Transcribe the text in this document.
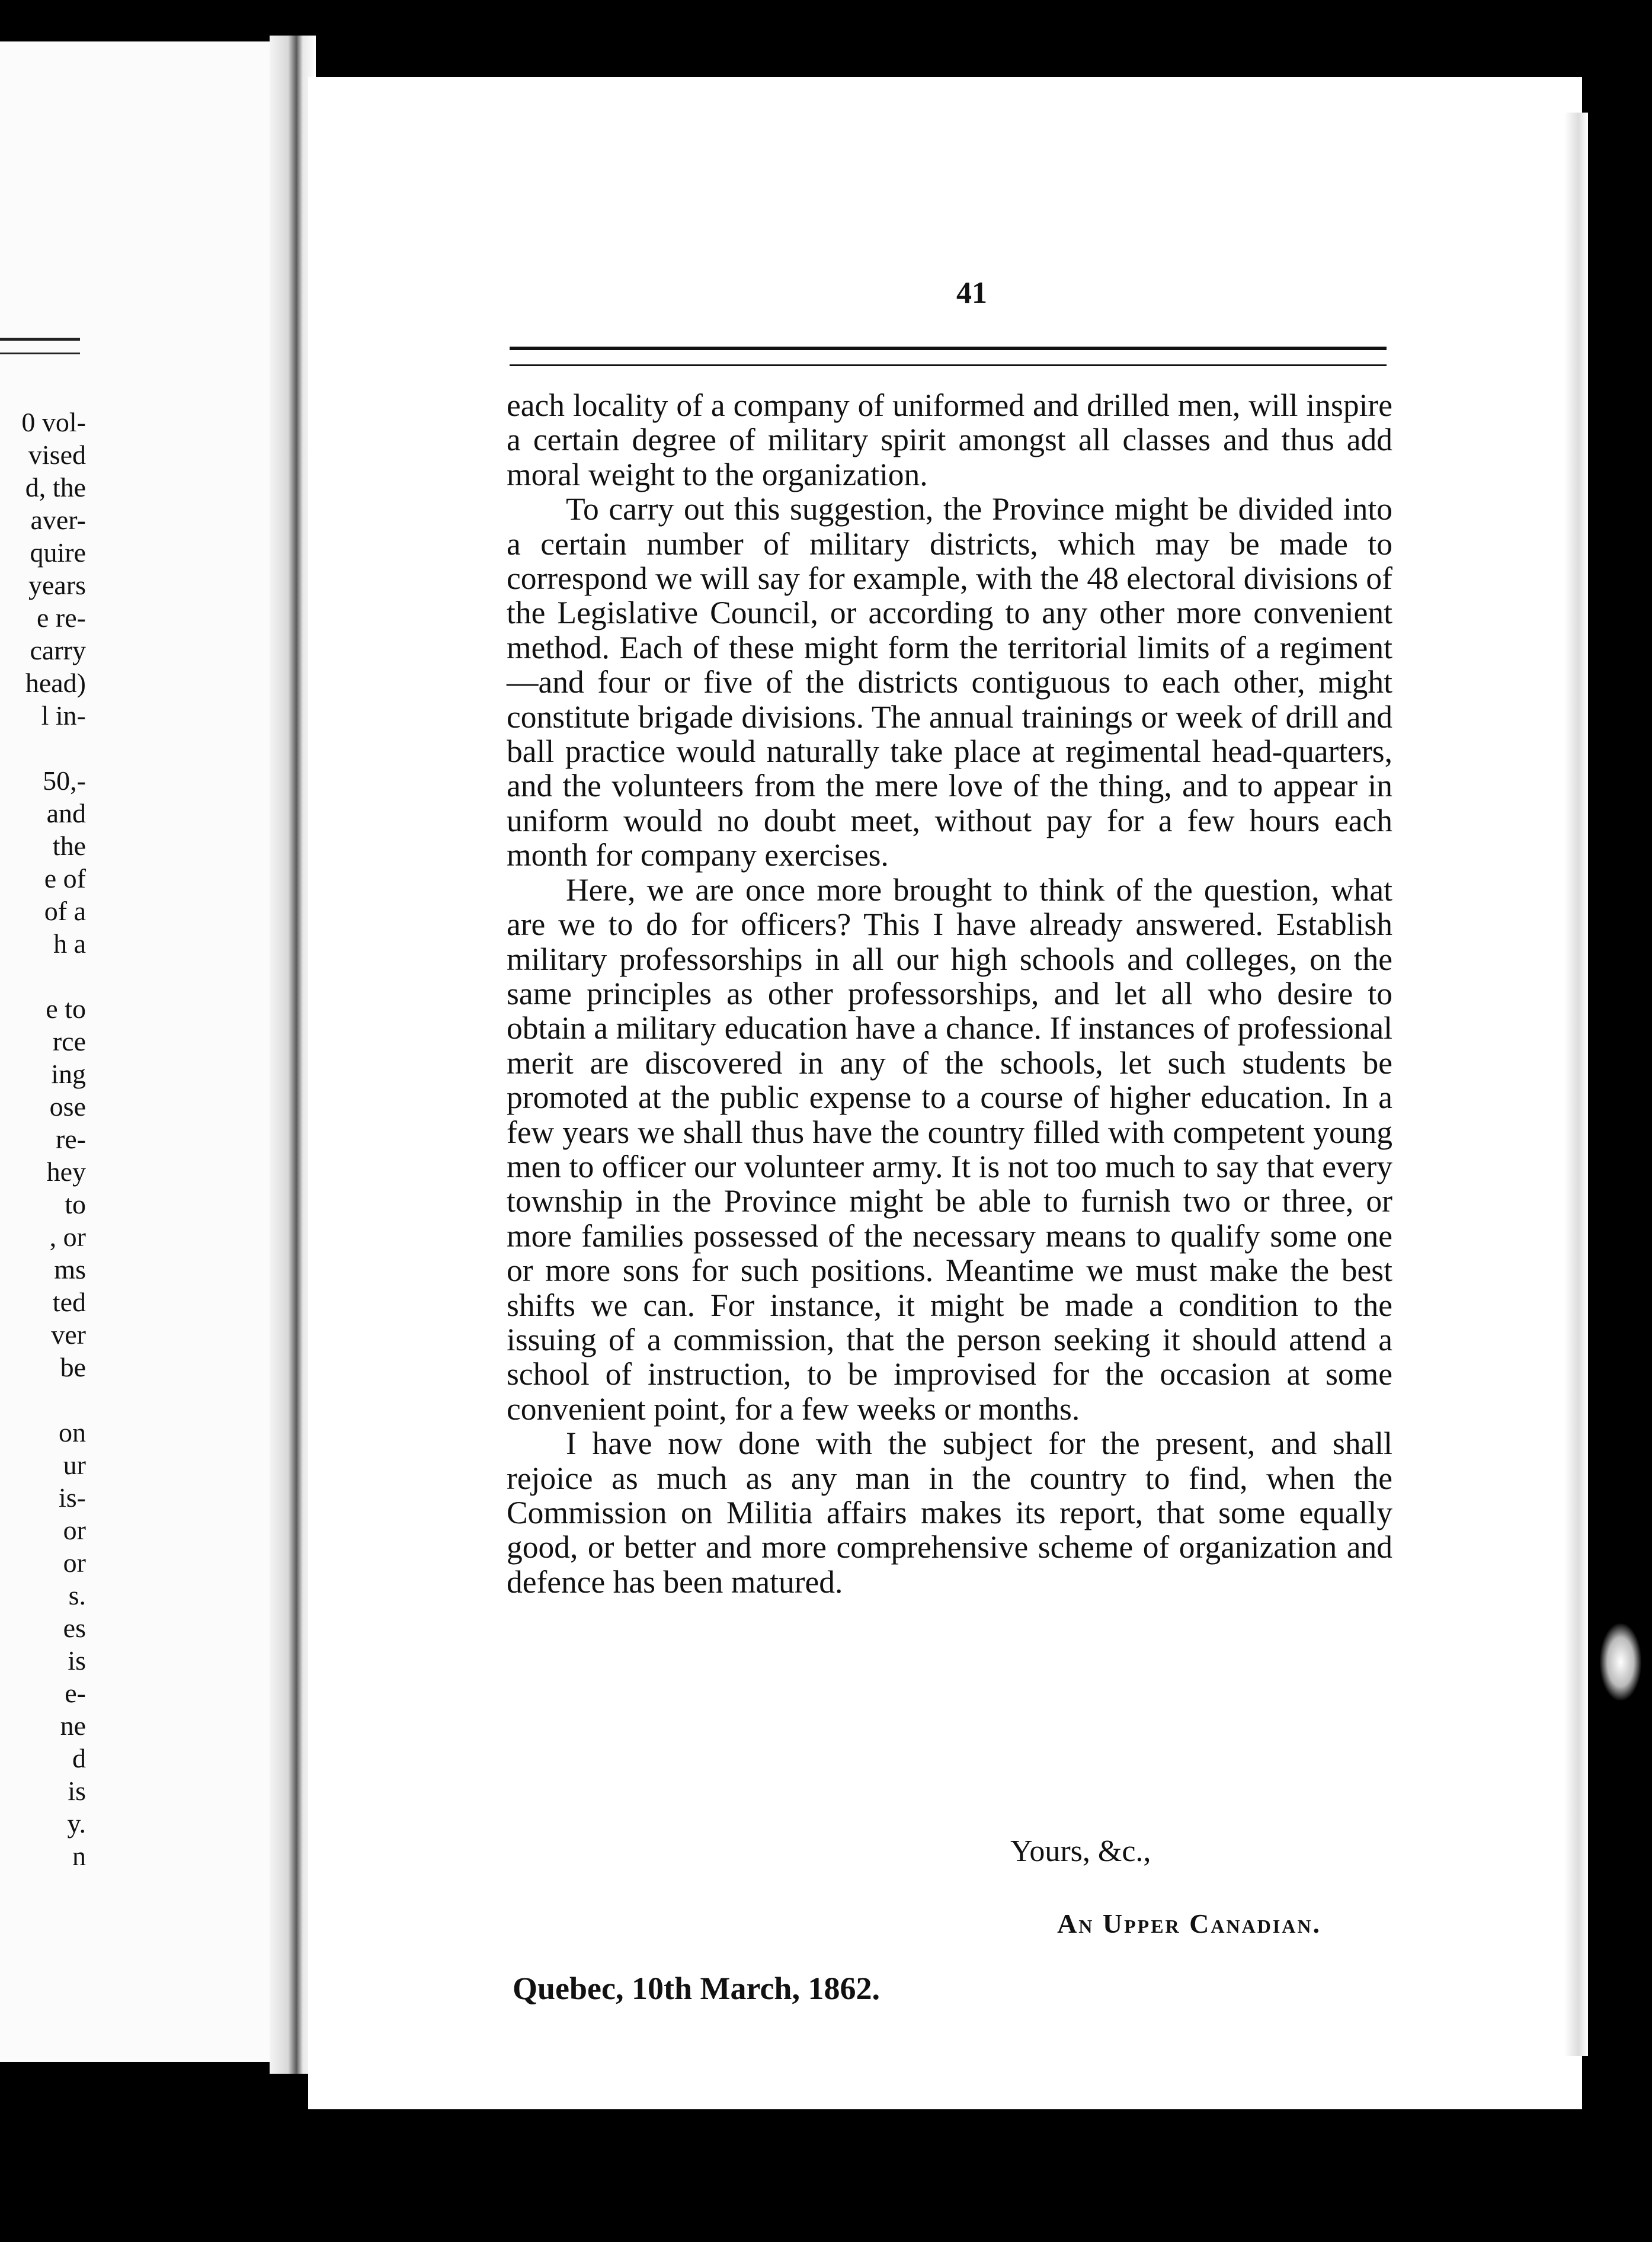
0 vol-
vised
d, the
aver-
quire
years
e re-
carry
head)
l in-
50,-
and
the
e of
of a
h a
e to
rce
ing
ose
re-
hey
to
, or
ms
ted
ver
be
on
ur
is-
or
or
s.
es
is
e-
ne
d
is
y.
n
41

each locality of a company of uniformed and drilled men, will inspire a certain degree of military spirit amongst all classes and thus add moral weight to the organization.

To carry out this suggestion, the Province might be divided into a certain number of military districts, which may be made to correspond we will say for example, with the 48 electoral divisions of the Legislative Council, or according to any other more convenient method. Each of these might form the territorial limits of a regiment—and four or five of the districts contiguous to each other, might constitute brigade divisions. The annual trainings or week of drill and ball practice would naturally take place at regimental head-quarters, and the volunteers from the mere love of the thing, and to appear in uniform would no doubt meet, without pay for a few hours each month for company exercises.

Here, we are once more brought to think of the question, what are we to do for officers? This I have already answered. Establish military professorships in all our high schools and colleges, on the same principles as other professorships, and let all who desire to obtain a military education have a chance. If instances of professional merit are discovered in any of the schools, let such students be promoted at the public expense to a course of higher education. In a few years we shall thus have the country filled with competent young men to officer our volunteer army. It is not too much to say that every township in the Province might be able to furnish two or three, or more families possessed of the necessary means to qualify some one or more sons for such positions. Meantime we must make the best shifts we can. For instance, it might be made a condition to the issuing of a commission, that the person seeking it should attend a school of instruction, to be improvised for the occasion at some convenient point, for a few weeks or months.

I have now done with the subject for the present, and shall rejoice as much as any man in the country to find, when the Commission on Militia affairs makes its report, that some equally good, or better and more comprehensive scheme of organization and defence has been matured.

Yours, &c.,
An Upper Canadian.
Quebec, 10th March, 1862.
